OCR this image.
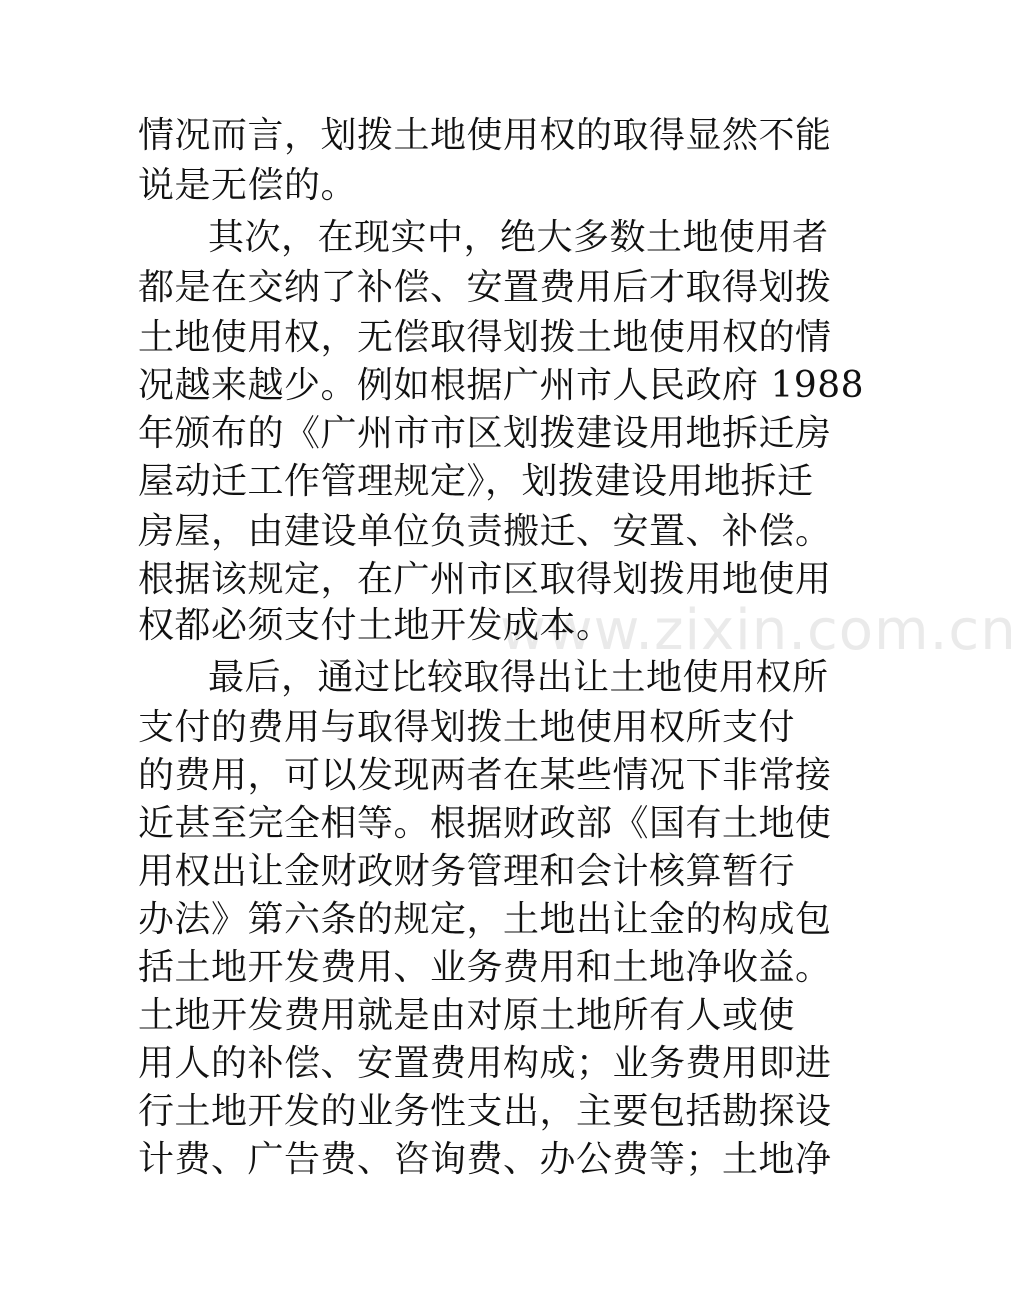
www.zixin.com.cn
情况而言，划拨土地使用权的取得显然不能
说是无偿的。
其次，在现实中，绝大多数土地使用者
都是在交纳了补偿、安置费用后才取得划拨
土地使用权，无偿取得划拨土地使用权的情
况越来越少。例如根据广州市人民政府 1988
年颁布的《广州市市区划拨建设用地拆迁房
屋动迁工作管理规定》，划拨建设用地拆迁
房屋，由建设单位负责搬迁、安置、补偿。
根据该规定，在广州市区取得划拨用地使用
权都必须支付土地开发成本。
最后，通过比较取得出让土地使用权所
支付的费用与取得划拨土地使用权所支付
的费用，可以发现两者在某些情况下非常接
近甚至完全相等。根据财政部《国有土地使
用权出让金财政财务管理和会计核算暂行
办法》第六条的规定，土地出让金的构成包
括土地开发费用、业务费用和土地净收益。
土地开发费用就是由对原土地所有人或使
用人的补偿、安置费用构成；业务费用即进
行土地开发的业务性支出，主要包括勘探设
计费、广告费、咨询费、办公费等；土地净
